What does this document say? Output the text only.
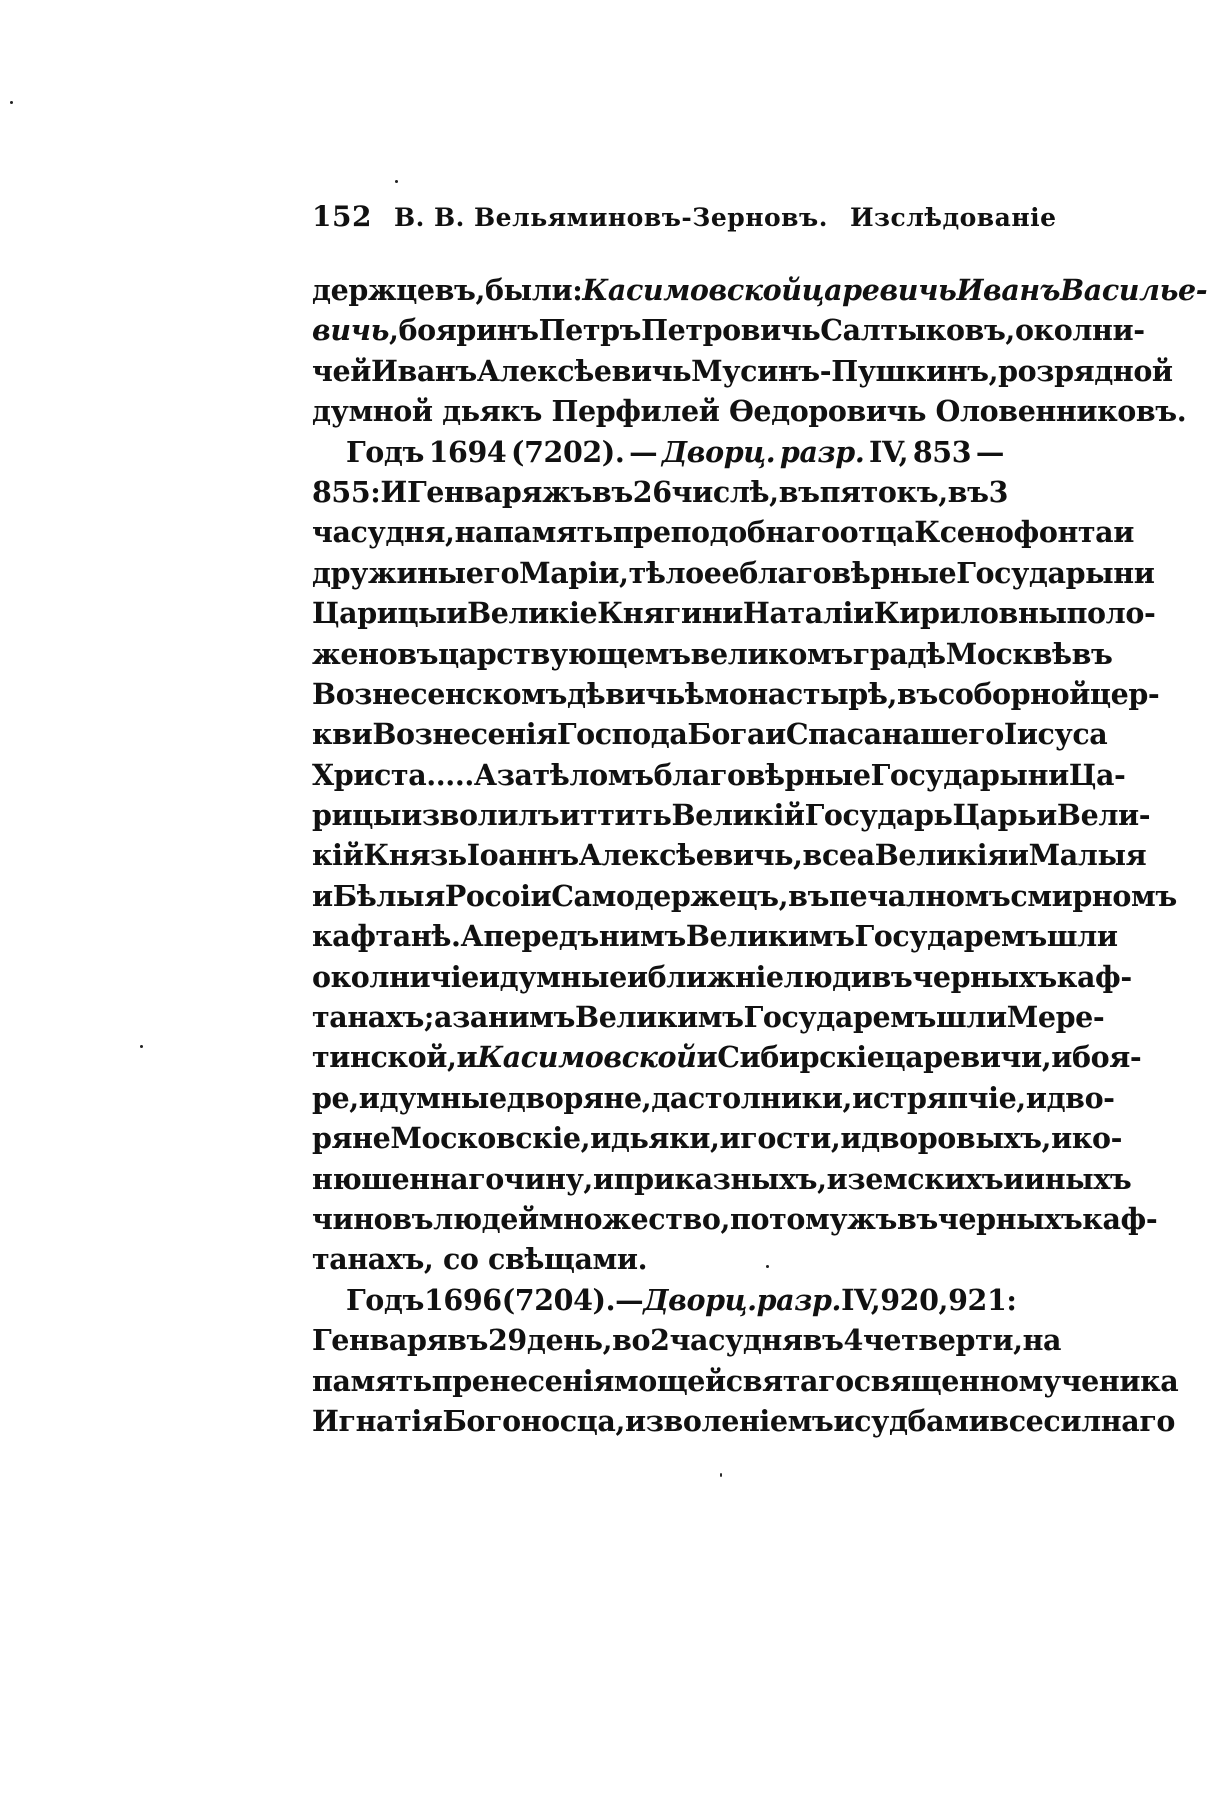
152 В. В. Вельяминовъ-Зерновъ. Изслѣдованiе
держцевъ, были: Касимовской царевичь Иванъ Василье-
вичь , бояринъ Петръ Петровичь Салтыковъ, околни-
чей Иванъ Алексѣевичь Мусинъ-Пушкинъ, розрядной
думной дьякъ Перфилей Ѳедоровичь Оловенниковъ.
Годъ 1694 (7202). — Дворц. разр. IV, 853 —
855: И Генваря жъ въ 26 числѣ, въ пятокъ, въ 3
часу дня, на память преподобнаго отца Ксенофонта и
дружины его Марiи, тѣло ее благовѣрные Государыни
Царицы и Великiе Княгини Наталiи Кириловны поло-
жено въ царствующемъ великомъ градѣ Москвѣ въ
Вознесенскомъ дѣвичьѣ монастырѣ, въ соборной цер-
кви Вознесенiя Господа Бога и Спаса нашего Iисуса
Христа..... А за тѣломъ благовѣрные Государыни Ца-
рицы изволилъ иттить Великiй Государь Царь и Вели-
кiй Князь Iоаннъ Алексѣевичь, всеа Великiя и Малыя
и Бѣлыя Росоiи Самодержецъ, въ печалномъ смирномъ
кафтанѣ. А передъ нимъ Великимъ Государемъ шли
околничiе и думные и ближнiе люди въ черныхъ каф-
танахъ; а за нимъ Великимъ Государемъ шли Мере-
тинской, и Касимовской и Сибирскiе царевичи, и боя-
ре, и думные дворяне, да столники, и стряпчiе, и дво-
ряне Московскiе, и дьяки, и гости, и дворовыхъ, и ко-
нюшеннаго чину, и приказныхъ, и земскихъ и иныхъ
чиновъ людей множество, потому жъ въ черныхъ каф-
танахъ, со свѣщами.
Годъ 1696 (7204).— Дворц. разр. IV, 920, 921:
Генваря въ 29 день, во 2 часу дня въ 4 четверти, на
память пренесенiя мощей святаго священномученика
Игнатiя Богоносца, изволенiемъ и судбами всесилнаго
